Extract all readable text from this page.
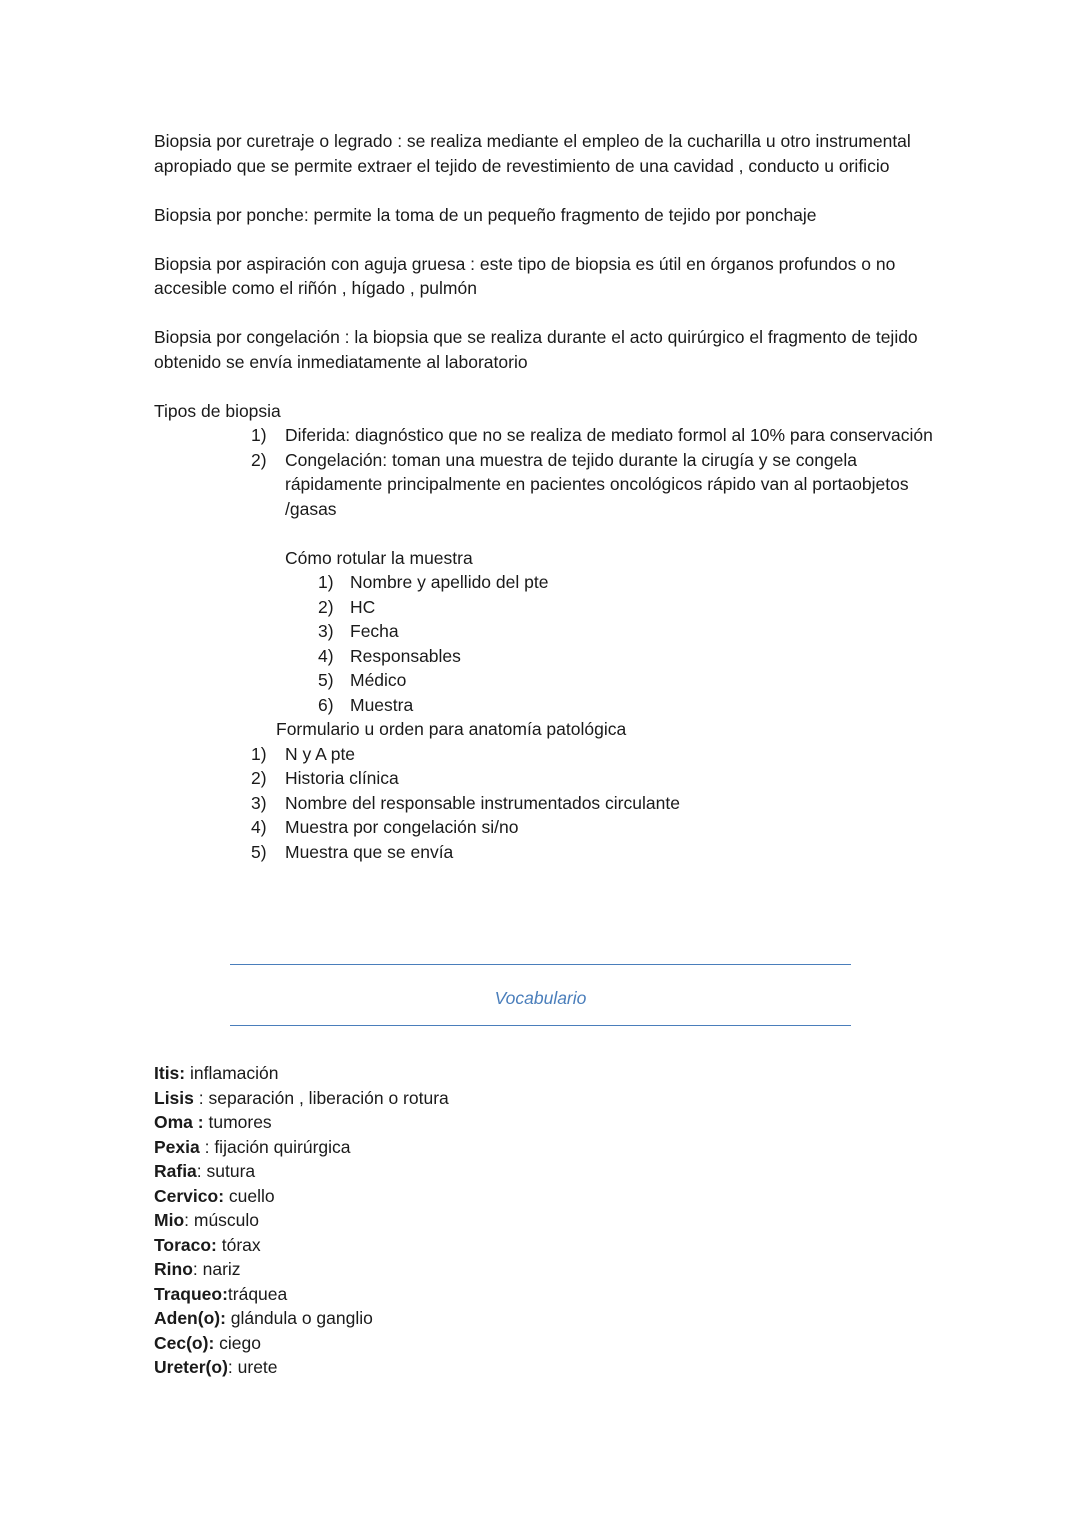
Biopsia por curetraje o legrado : se realiza mediante el empleo de la cucharilla u otro instrumental apropiado que se permite extraer el tejido de revestimiento de una cavidad , conducto u orificio

Biopsia por ponche: permite la toma de un pequeño fragmento de tejido por ponchaje

Biopsia por aspiración con aguja gruesa : este tipo de biopsia es útil en órganos profundos o no accesible como el riñón , hígado , pulmón

Biopsia por congelación : la biopsia que se realiza durante el acto quirúrgico el fragmento de tejido obtenido se envía inmediatamente al laboratorio

Tipos de biopsia

1) Diferida: diagnóstico que no se realiza de mediato formol al 10% para conservación
2) Congelación: toman una muestra de tejido durante la cirugía y se congela rápidamente principalmente en pacientes oncológicos rápido van al portaobjetos /gasas

Cómo rotular la muestra

1) Nombre y apellido del pte
2) HC
3) Fecha
4) Responsables
5) Médico
6) Muestra

Formulario u orden para anatomía patológica

1) N y A pte
2) Historia clínica
3) Nombre del responsable instrumentados circulante
4) Muestra por congelación si/no
5) Muestra que se envía
Vocabulario

Itis: inflamación

Lisis : separación , liberación o rotura

Oma : tumores

Pexia : fijación quirúrgica

Rafia: sutura

Cervico: cuello

Mio: músculo

Toraco: tórax

Rino: nariz

Traqueo:tráquea

Aden(o): glándula o ganglio

Cec(o): ciego

Ureter(o): urete
